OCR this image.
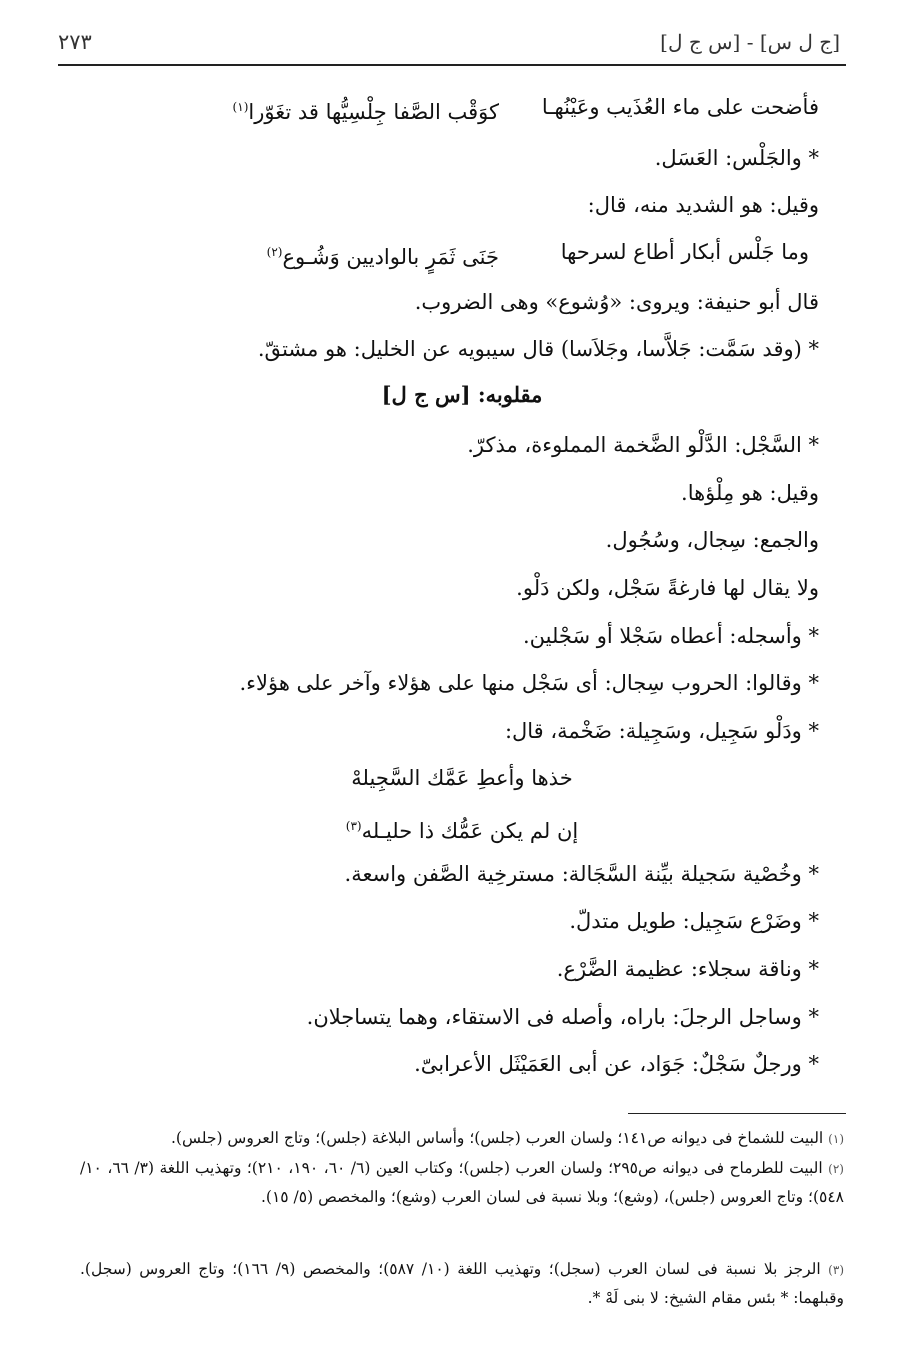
[ج ل س] - [س ج ل]
٢٧٣
فأضحت على ماء العُذَيب وعَيْنُهـا
كوَقْب الصَّفا جِلْسِيُّها قد تغَوّرا$^{(١)}$
* والجَلْس: العَسَل.
وقيل: هو الشديد منه، قال:
وما جَلْس أبكار أطاع لسرحها
جَنَى ثَمَرٍ بالواديين وَشُـوع$^{(٢)}$
قال أبو حنيفة: ويروى: «وُشوع» وهى الضروب.
* (وقد سَمَّت: جَلاَّسا، وجَلاَسا) قال سيبويه عن الخليل: هو مشتقّ.
مقلوبه: [س ج ل]
* السَّجْل: الدَّلْو الضَّخمة المملوءة، مذكرّ.
وقيل: هو مِلْؤها.
والجمع: سِجال، وسُجُول.
ولا يقال لها فارغةً سَجْل، ولكن دَلْو.
* وأسجله: أعطاه سَجْلا أو سَجْلين.
* وقالوا: الحروب سِجال: أى سَجْل منها على هؤلاء وآخر على هؤلاء.
* ودَلْو سَجِيل، وسَجِيلة: ضَخْمة، قال:
خذها وأعطِ عَمَّك السَّجِيلهْ
إن لم يكن عَمُّك ذا حليـله$^{(٣)}$
* وخُصْية سَجيلة بيِّنة السَّجَالة: مسترخِية الصَّفن واسعة.
* وضَرْع سَجِيل: طويل متدلّ.
* وناقة سجلاء: عظيمة الضَّرْع.
* وساجل الرجلَ: باراه، وأصله فى الاستقاء، وهما يتساجلان.
* ورجلٌ سَجْلٌ: جَوَاد، عن أبى العَمَيْثَل الأعرابىّ.
(١) البيت للشماخ فى ديوانه ص١٤١؛ ولسان العرب (جلس)؛ وأساس البلاغة (جلس)؛ وتاج العروس (جلس).
(٢) البيت للطرماح فى ديوانه ص٢٩٥؛ ولسان العرب (جلس)؛ وكتاب العين (٦/ ٦٠، ١٩٠، ٢١٠)؛ وتهذيب اللغة (٣/ ٦٦، ١٠/ ٥٤٨)؛ وتاج العروس (جلس)، (وشع)؛ وبلا نسبة فى لسان العرب (وشع)؛ والمخصص (٥/ ١٥).
(٣) الرجز بلا نسبة فى لسان العرب (سجل)؛ وتهذيب اللغة (١٠/ ٥٨٧)؛ والمخصص (٩/ ١٦٦)؛ وتاج العروس (سجل). وقبلهما: * بئس مقام الشيخ: لا بنى لَهْ *.
